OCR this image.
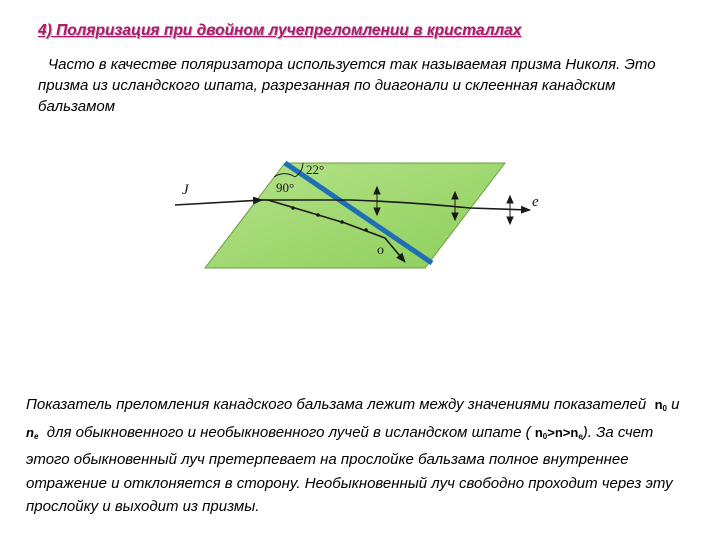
4) Поляризация при двойном лучепреломлении в кристаллах
Часто в качестве поляризатора используется так называемая призма Николя. Это призма из исландского шпата, разрезанная по диагонали и склеенная канадским бальзамом
22°
90°
J
e
o
Показатель преломления канадского бальзама лежит между значениями показателей $n_0$ и $n_e$ для обыкновенного и необыкновенного лучей в исландском шпате ( $n_0>n>n_e$). За счет этого обыкновенный луч претерпевает на прослойке бальзама полное внутреннее отражение и отклоняется в сторону. Необыкновенный луч свободно проходит через эту прослойку и выходит из призмы.
